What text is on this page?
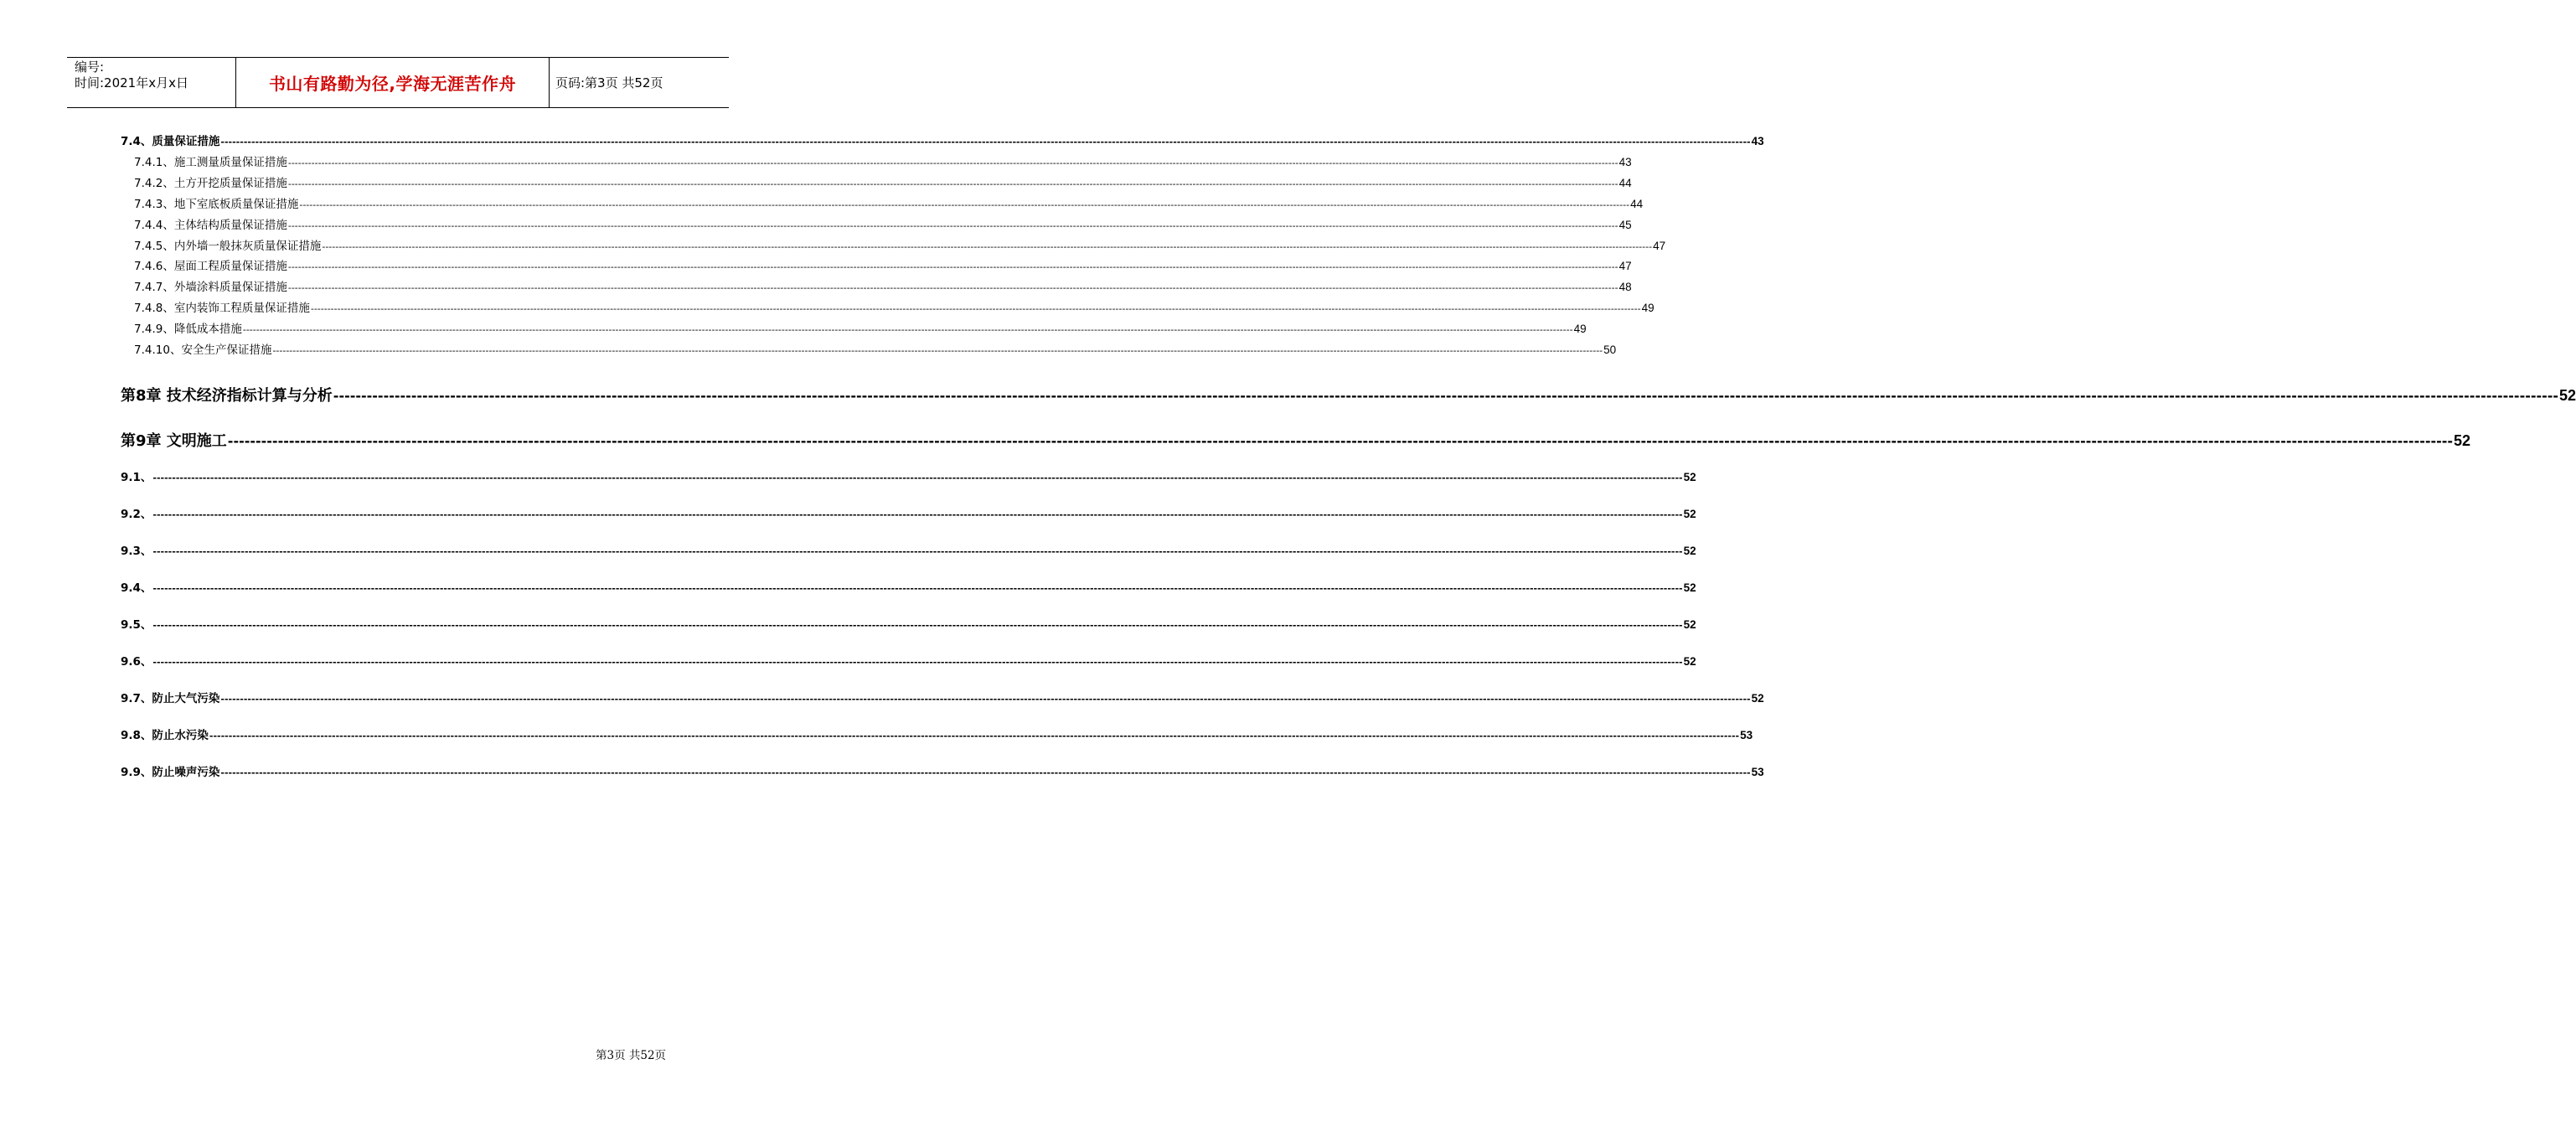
编号:
时间:2021年x月x日	书山有路勤为径,学海无涯苦作舟	页码:第3页 共52页
7.4、质量保证措施 ---------------------------------------------------------------------------------------------------------------------------------------------------------------------------------------------------------------------------------------------------------------------------------------------------------------------------------------------------------------------------------------------------------------- 43
7.4.1、施工测量质量保证措施 ---------------------------------------------------------------------------------------------------------------------------------------------------------------------------------------------------------------------------------------------------------------------------------------------------------------------------------------------------------------------------------------------------------------- 43
7.4.2、土方开挖质量保证措施 ---------------------------------------------------------------------------------------------------------------------------------------------------------------------------------------------------------------------------------------------------------------------------------------------------------------------------------------------------------------------------------------------------------------- 44
7.4.3、地下室底板质量保证措施 ---------------------------------------------------------------------------------------------------------------------------------------------------------------------------------------------------------------------------------------------------------------------------------------------------------------------------------------------------------------------------------------------------------------- 44
7.4.4、主体结构质量保证措施 ---------------------------------------------------------------------------------------------------------------------------------------------------------------------------------------------------------------------------------------------------------------------------------------------------------------------------------------------------------------------------------------------------------------- 45
7.4.5、内外墙一般抹灰质量保证措施 ---------------------------------------------------------------------------------------------------------------------------------------------------------------------------------------------------------------------------------------------------------------------------------------------------------------------------------------------------------------------------------------------------------------- 47
7.4.6、屋面工程质量保证措施 ---------------------------------------------------------------------------------------------------------------------------------------------------------------------------------------------------------------------------------------------------------------------------------------------------------------------------------------------------------------------------------------------------------------- 47
7.4.7、外墙涂料质量保证措施 ---------------------------------------------------------------------------------------------------------------------------------------------------------------------------------------------------------------------------------------------------------------------------------------------------------------------------------------------------------------------------------------------------------------- 48
7.4.8、室内装饰工程质量保证措施 ---------------------------------------------------------------------------------------------------------------------------------------------------------------------------------------------------------------------------------------------------------------------------------------------------------------------------------------------------------------------------------------------------------------- 49
7.4.9、降低成本措施 ---------------------------------------------------------------------------------------------------------------------------------------------------------------------------------------------------------------------------------------------------------------------------------------------------------------------------------------------------------------------------------------------------------------- 49
7.4.10、安全生产保证措施 ---------------------------------------------------------------------------------------------------------------------------------------------------------------------------------------------------------------------------------------------------------------------------------------------------------------------------------------------------------------------------------------------------------------- 50
第8章 技术经济指标计算与分析 ---------------------------------------------------------------------------------------------------------------------------------------------------------------------------------------------------------------------------------------------------------------------------------------------------------------------------------------------------------------------------------------------------------------- 52
第9章 文明施工 ---------------------------------------------------------------------------------------------------------------------------------------------------------------------------------------------------------------------------------------------------------------------------------------------------------------------------------------------------------------------------------------------------------------- 52
9.1、 ---------------------------------------------------------------------------------------------------------------------------------------------------------------------------------------------------------------------------------------------------------------------------------------------------------------------------------------------------------------------------------------------------------------- 52
9.2、 ---------------------------------------------------------------------------------------------------------------------------------------------------------------------------------------------------------------------------------------------------------------------------------------------------------------------------------------------------------------------------------------------------------------- 52
9.3、 ---------------------------------------------------------------------------------------------------------------------------------------------------------------------------------------------------------------------------------------------------------------------------------------------------------------------------------------------------------------------------------------------------------------- 52
9.4、 ---------------------------------------------------------------------------------------------------------------------------------------------------------------------------------------------------------------------------------------------------------------------------------------------------------------------------------------------------------------------------------------------------------------- 52
9.5、 ---------------------------------------------------------------------------------------------------------------------------------------------------------------------------------------------------------------------------------------------------------------------------------------------------------------------------------------------------------------------------------------------------------------- 52
9.6、 ---------------------------------------------------------------------------------------------------------------------------------------------------------------------------------------------------------------------------------------------------------------------------------------------------------------------------------------------------------------------------------------------------------------- 52
9.7、防止大气污染 ---------------------------------------------------------------------------------------------------------------------------------------------------------------------------------------------------------------------------------------------------------------------------------------------------------------------------------------------------------------------------------------------------------------- 52
9.8、防止水污染 ---------------------------------------------------------------------------------------------------------------------------------------------------------------------------------------------------------------------------------------------------------------------------------------------------------------------------------------------------------------------------------------------------------------- 53
9.9、防止噪声污染 ---------------------------------------------------------------------------------------------------------------------------------------------------------------------------------------------------------------------------------------------------------------------------------------------------------------------------------------------------------------------------------------------------------------- 53
第3页 共52页
